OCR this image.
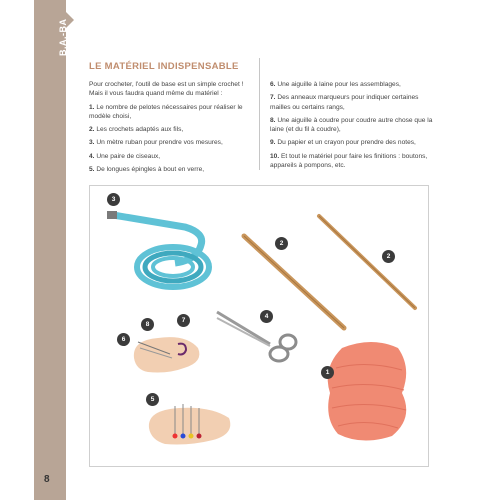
B.A.-BA
LE MATÉRIEL INDISPENSABLE

Pour crocheter, l'outil de base est un simple crochet ! Mais il vous faudra quand même du matériel :

1. Le nombre de pelotes nécessaires pour réaliser le modèle choisi,

2. Les crochets adaptés aux fils,

3. Un mètre ruban pour prendre vos mesures,

4. Une paire de ciseaux,

5. De longues épingles à bout en verre,

6. Une aiguille à laine pour les assemblages,

7. Des anneaux marqueurs pour indiquer certaines mailles ou certains rangs,

8. Une aiguille à coudre pour coudre autre chose que la laine (et du fil à coudre),

9. Du papier et un crayon pour prendre des notes,

10. Et tout le matériel pour faire les finitions : boutons, appareils à pompons, etc.

1
2
2
3
4
5
6
7
8
8
